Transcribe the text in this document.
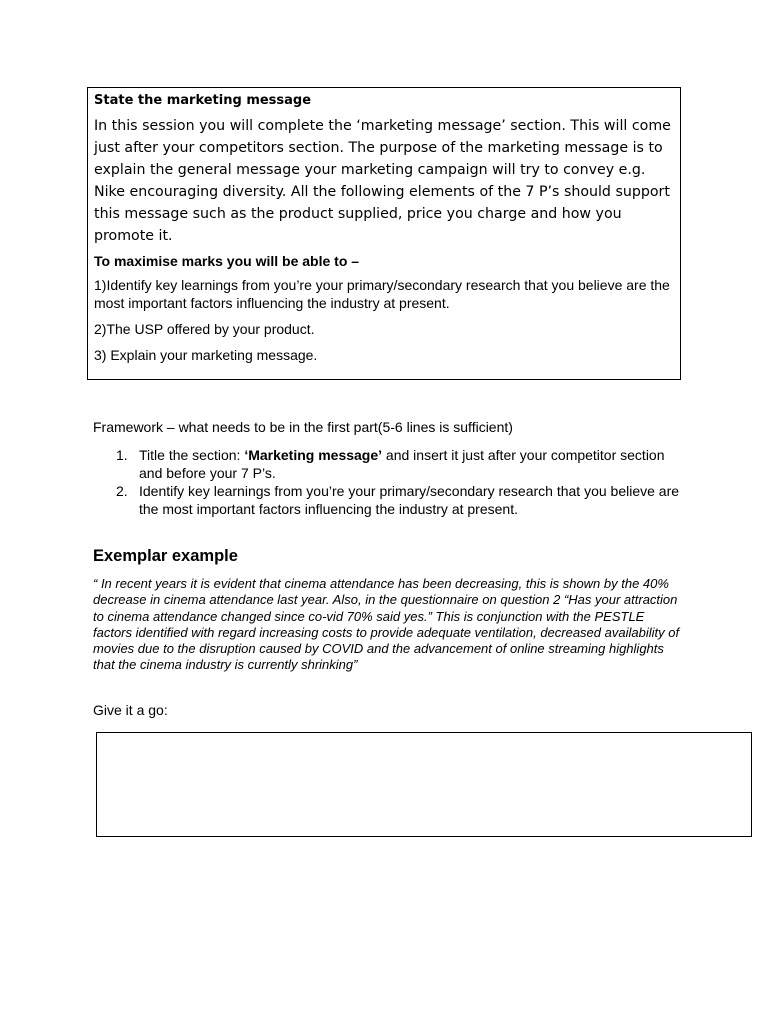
State the marketing message

In this session you will complete the ‘marketing message’ section. This will come just after your competitors section. The purpose of the marketing message is to explain the general message your marketing campaign will try to convey e.g. Nike encouraging diversity. All the following elements of the 7 P’s should support this message such as the product supplied, price you charge and how you promote it.

To maximise marks you will be able to –

1)Identify key learnings from you’re your primary/secondary research that you believe are the most important factors influencing the industry at present.

2)The USP offered by your product.

3) Explain your marketing message.

Framework – what needs to be in the first part(5-6 lines is sufficient)

1. Title the section: ‘Marketing message’ and insert it just after your competitor section and before your 7 P’s.
2. Identify key learnings from you’re your primary/secondary research that you believe are the most important factors influencing the industry at present.
Exemplar example

“ In recent years it is evident that cinema attendance has been decreasing, this is shown by the 40% decrease in cinema attendance last year. Also, in the questionnaire on question 2 “Has your attraction to cinema attendance changed since co-vid 70% said yes.” This is conjunction with the PESTLE factors identified with regard increasing costs to provide adequate ventilation, decreased availability of movies due to the disruption caused by COVID and the advancement of online streaming highlights that the cinema industry is currently shrinking”

Give it a go:
